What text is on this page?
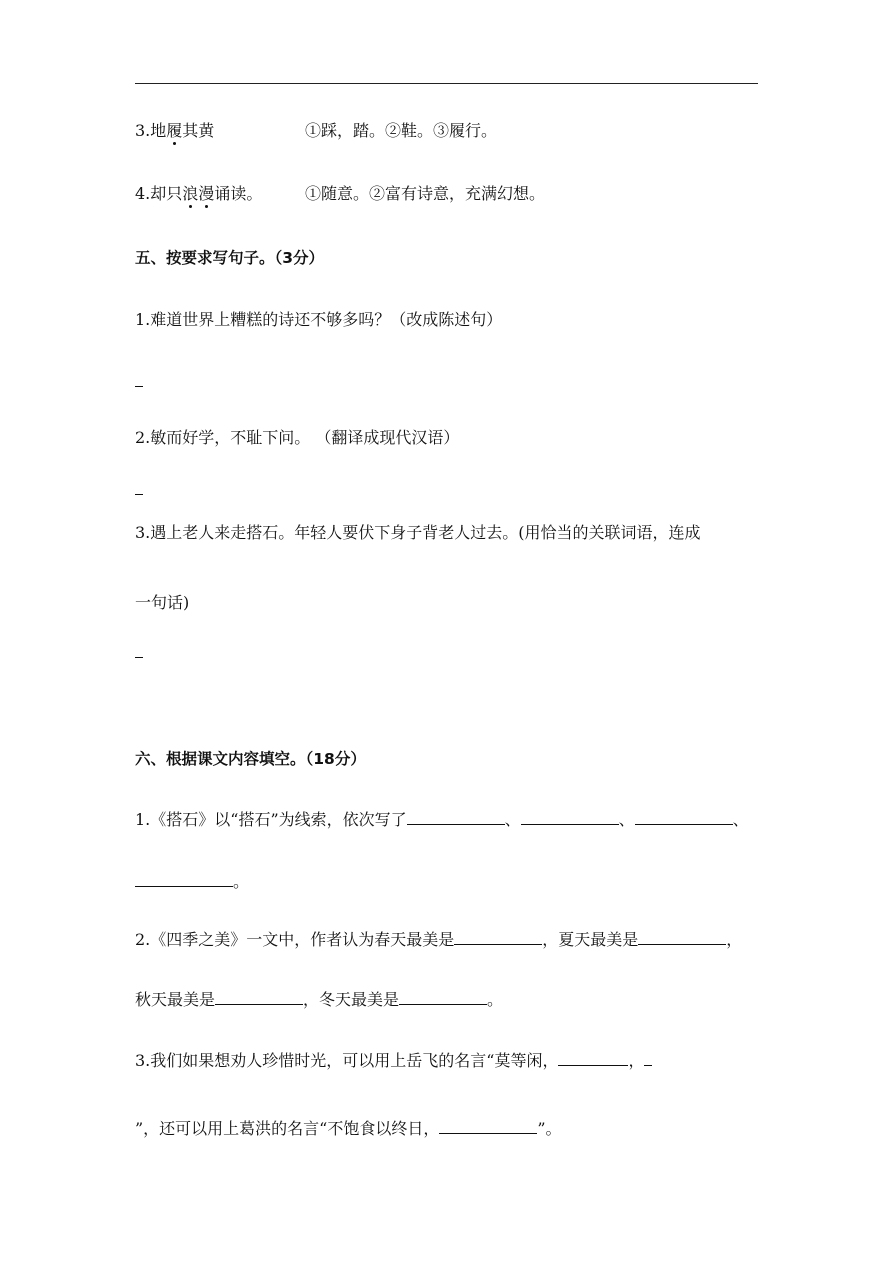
3.地履其黄	①踩，踏。②鞋。③履行。
4.却只浪漫诵读。	①随意。②富有诗意，充满幻想。
五、按要求写句子。（3分）
1.难道世界上糟糕的诗还不够多吗？（改成陈述句）
2.敏而好学，不耻下问。 （翻译成现代汉语）
3.遇上老人来走搭石。年轻人要伏下身子背老人过去。(用恰当的关联词语，连成
一句话)
六、根据课文内容填空。（18分）
1.《搭石》以“搭石”为线索，依次写了	、	、	、
。
2.《四季之美》一文中，作者认为春天最美是	，夏天最美是	，
秋天最美是	，冬天最美是	。
3.我们如果想劝人珍惜时光，可以用上岳飞的名言“莫等闲，	，
”，还可以用上葛洪的名言“不饱食以终日，	”。
